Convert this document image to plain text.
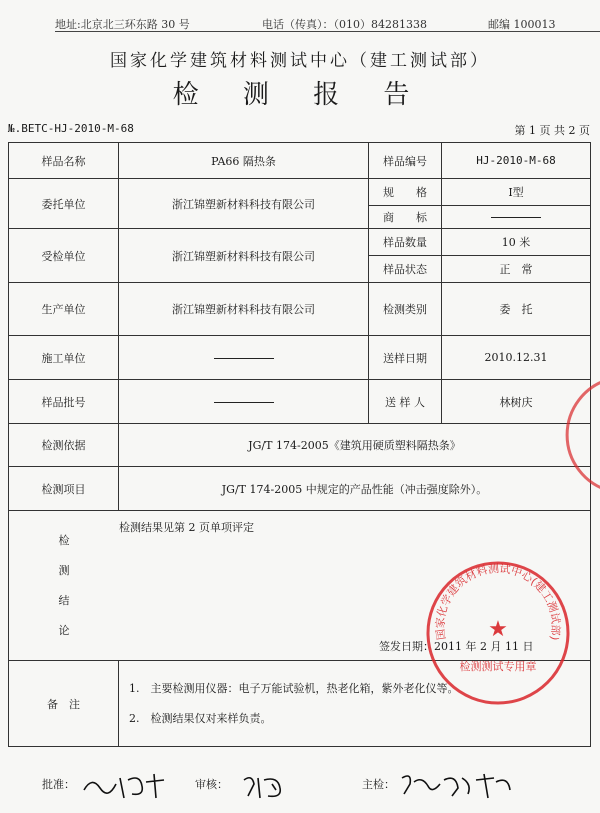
地址:北京北三环东路 30 号	电话（传真）：（010）84281338	邮编 100013
国家化学建筑材料测试中心（建工测试部）
检 测 报 告
№.BETC-HJ-2010-M-68	第 1 页 共 2 页
样品名称	PA66 隔热条	样品编号	HJ-2010-M-68
委托单位	浙江锦塑新材料科技有限公司	规　　格	I型
		商　　标	
受检单位	浙江锦塑新材料科技有限公司	样品数量	10 米
		样品状态	正　常
生产单位	浙江锦塑新材料科技有限公司	检测类别	委　托
施工单位		送样日期	2010.12.31
样品批号		送 样 人	林树庆
检测依据	JG/T 174-2005《建筑用硬质塑料隔热条》		
检测项目	JG/T 174-2005 中规定的产品性能（冲击强度除外）。		

检测结论
检测结果见第 2 页单项评定
签发日期：2011 年 2 月 11 日			

备　注	1.　主要检测用仪器：电子万能试验机，热老化箱，紫外老化仪等。
2.　检测结果仅对来样负责。		
批准：	审核：	主检：
国家化学建筑材料测试中心(建工测试部)
★
检测测试专用章
